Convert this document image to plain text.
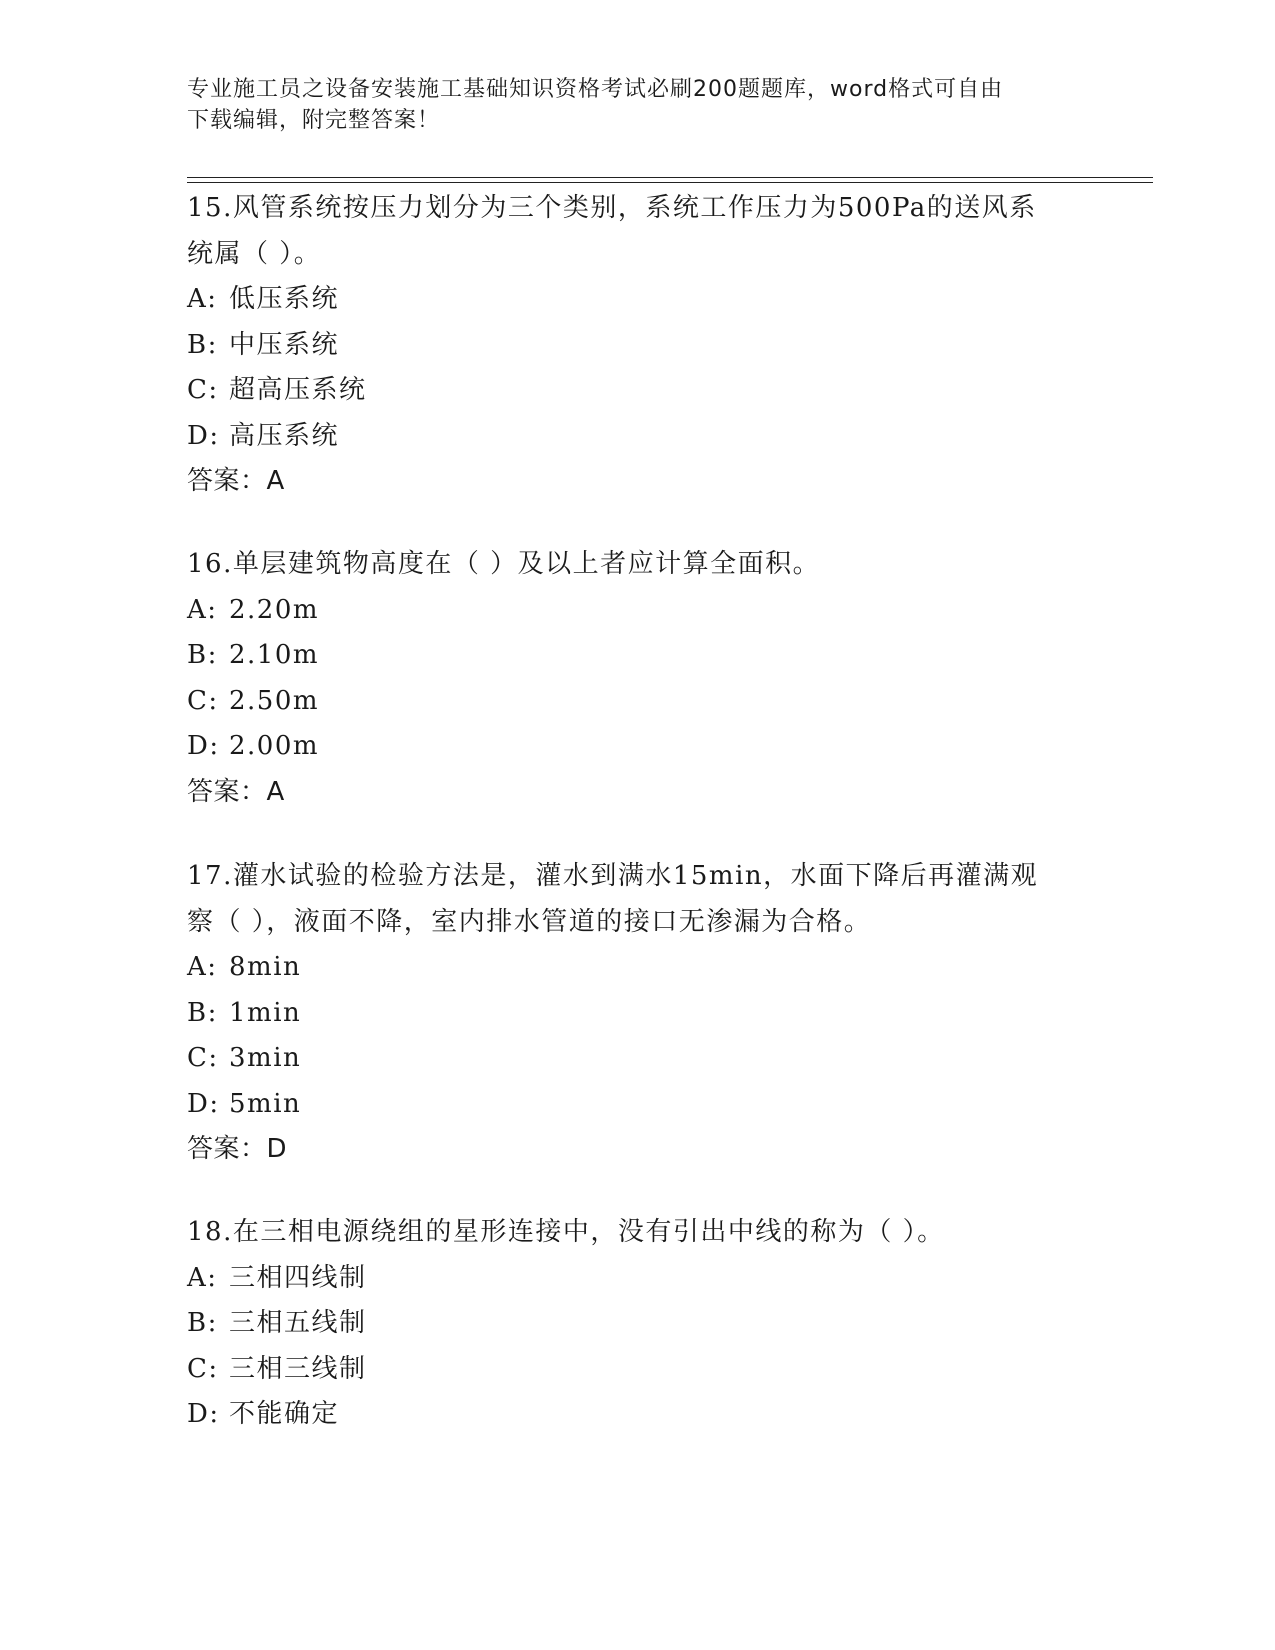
专业施工员之设备安装施工基础知识资格考试必刷200题题库，word格式可自由
下载编辑，附完整答案！
15.风管系统按压力划分为三个类别，系统工作压力为500Pa的送风系
统属（ ）。
A: 低压系统
B: 中压系统
C: 超高压系统
D: 高压系统
答案：A
16.单层建筑物高度在（ ）及以上者应计算全面积。
A: 2.20m
B: 2.10m
C: 2.50m
D: 2.00m
答案：A
17.灌水试验的检验方法是，灌水到满水15min，水面下降后再灌满观
察（ ），液面不降，室内排水管道的接口无渗漏为合格。
A: 8min
B: 1min
C: 3min
D: 5min
答案：D
18.在三相电源绕组的星形连接中，没有引出中线的称为（ ）。
A: 三相四线制
B: 三相五线制
C: 三相三线制
D: 不能确定
